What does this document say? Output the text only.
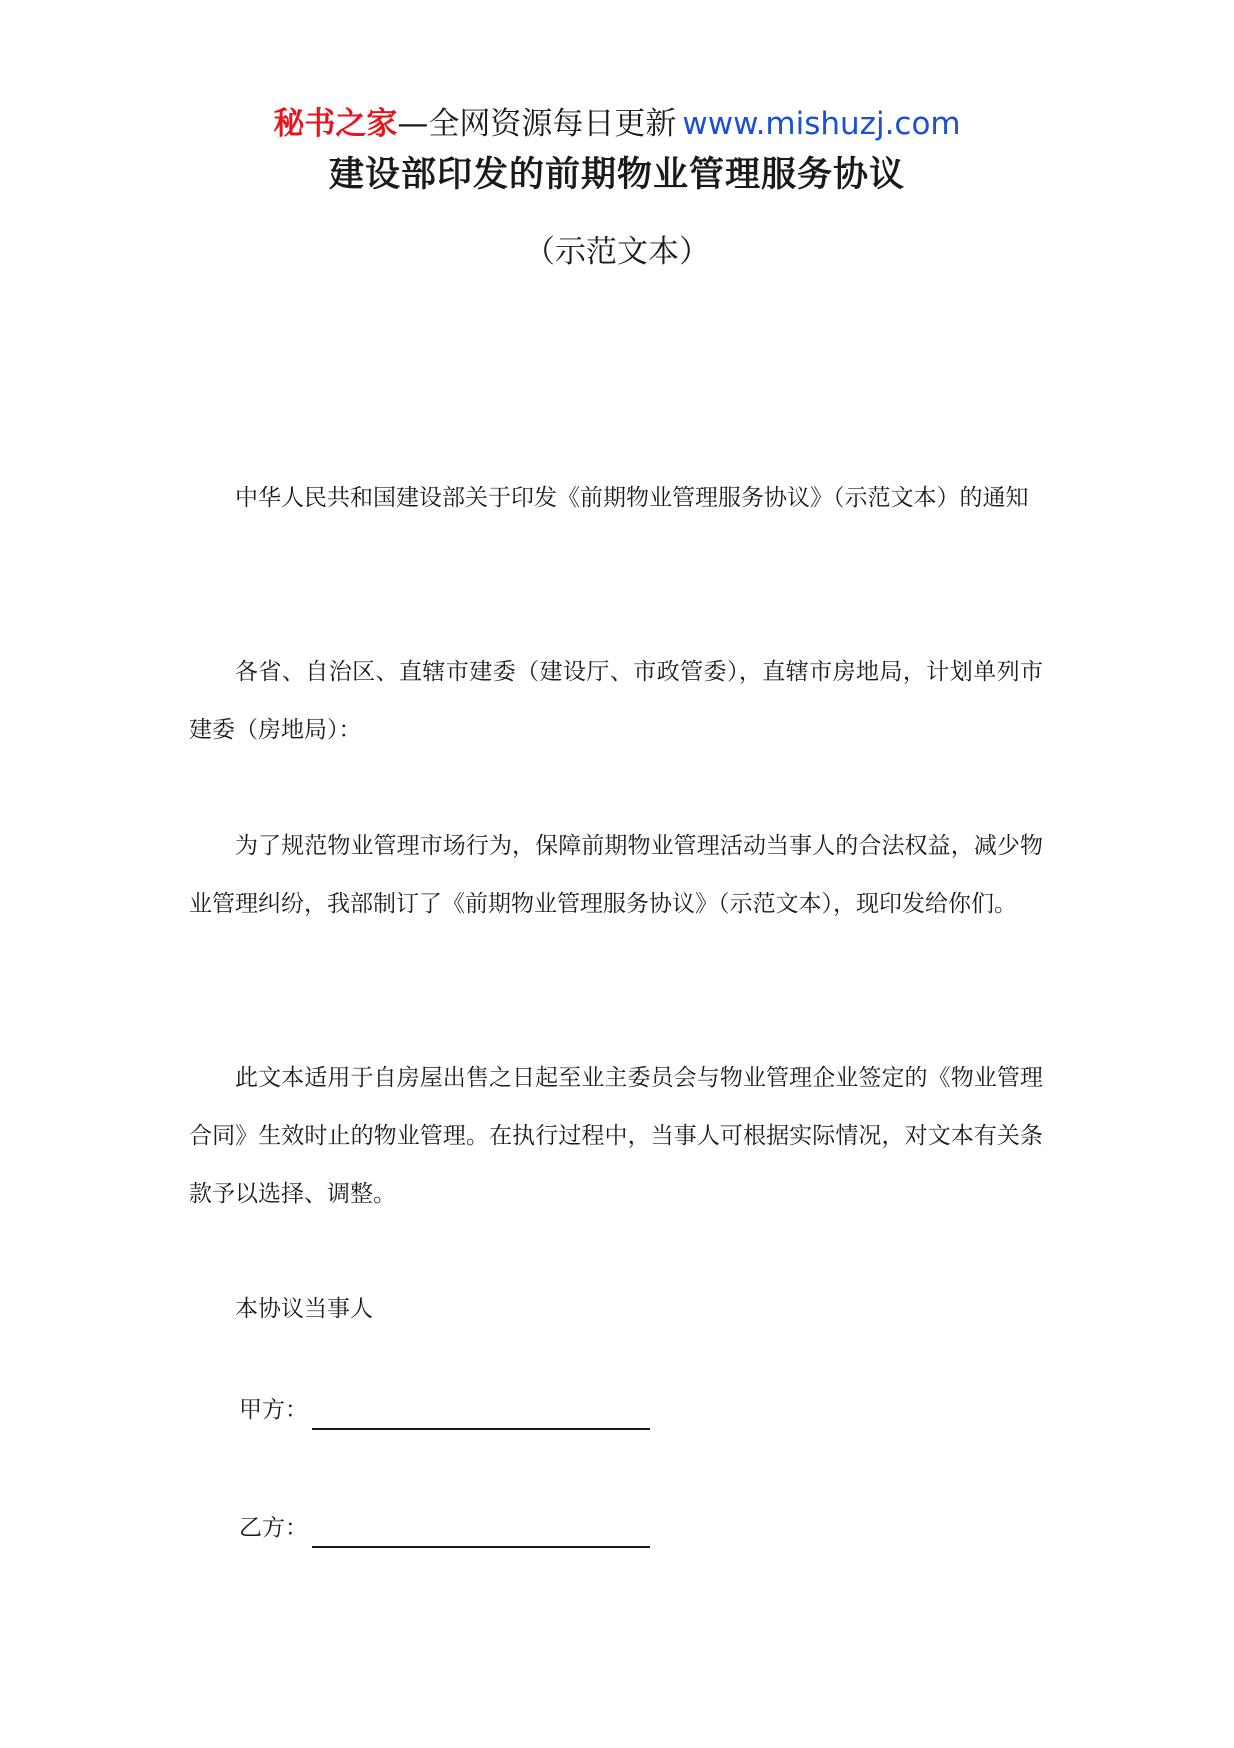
秘书之家—全网资源每日更新 www.mishuzj.com
建设部印发的前期物业管理服务协议
（示范文本）

中华人民共和国建设部关于印发《前期物业管理服务协议》（示范文本）的通知

各省、自治区、直辖市建委（建设厅、市政管委），直辖市房地局，计划单列市建委（房地局）：

为了规范物业管理市场行为，保障前期物业管理活动当事人的合法权益，减少物业管理纠纷，我部制订了《前期物业管理服务协议》（示范文本），现印发给你们。

此文本适用于自房屋出售之日起至业主委员会与物业管理企业签定的《物业管理合同》生效时止的物业管理。在执行过程中，当事人可根据实际情况，对文本有关条款予以选择、调整。

本协议当事人

甲方：
乙方：
